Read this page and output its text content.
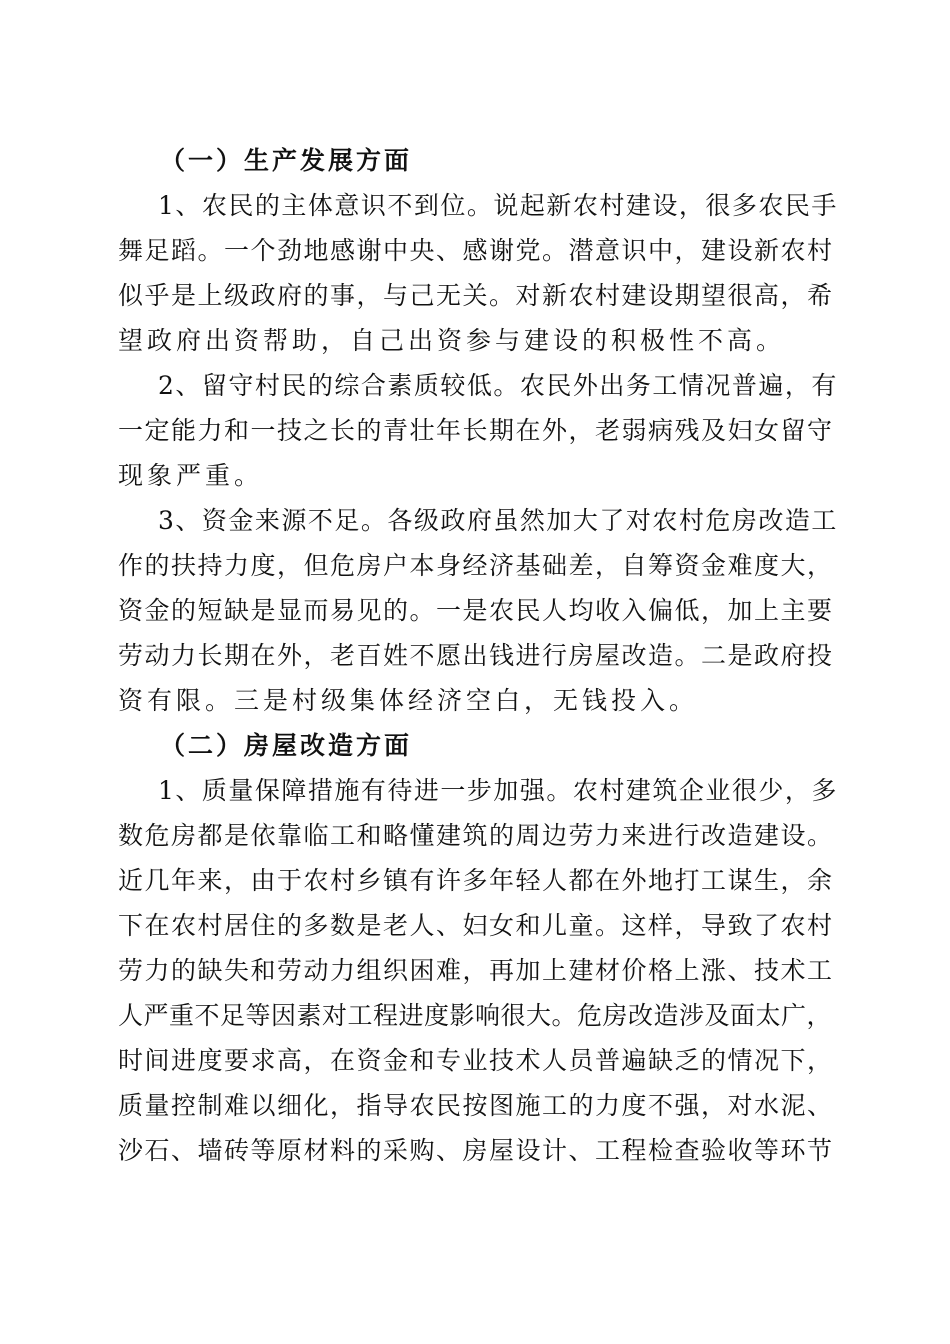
（一）生产发展方面
1、农民的主体意识不到位。说起新农村建设，很多农民手
舞足蹈。一个劲地感谢中央、感谢党。潜意识中，建设新农村
似乎是上级政府的事，与己无关。对新农村建设期望很高，希
望政府出资帮助，自己出资参与建设的积极性不高。
2、留守村民的综合素质较低。农民外出务工情况普遍，有
一定能力和一技之长的青壮年长期在外，老弱病残及妇女留守
现象严重。
3、资金来源不足。各级政府虽然加大了对农村危房改造工
作的扶持力度，但危房户本身经济基础差，自筹资金难度大，
资金的短缺是显而易见的。一是农民人均收入偏低，加上主要
劳动力长期在外，老百姓不愿出钱进行房屋改造。二是政府投
资有限。三是村级集体经济空白，无钱投入。
（二）房屋改造方面
1、质量保障措施有待进一步加强。农村建筑企业很少，多
数危房都是依靠临工和略懂建筑的周边劳力来进行改造建设。
近几年来，由于农村乡镇有许多年轻人都在外地打工谋生，余
下在农村居住的多数是老人、妇女和儿童。这样，导致了农村
劳力的缺失和劳动力组织困难，再加上建材价格上涨、技术工
人严重不足等因素对工程进度影响很大。危房改造涉及面太广，
时间进度要求高，在资金和专业技术人员普遍缺乏的情况下，
质量控制难以细化，指导农民按图施工的力度不强，对水泥、
沙石、墙砖等原材料的采购、房屋设计、工程检查验收等环节
